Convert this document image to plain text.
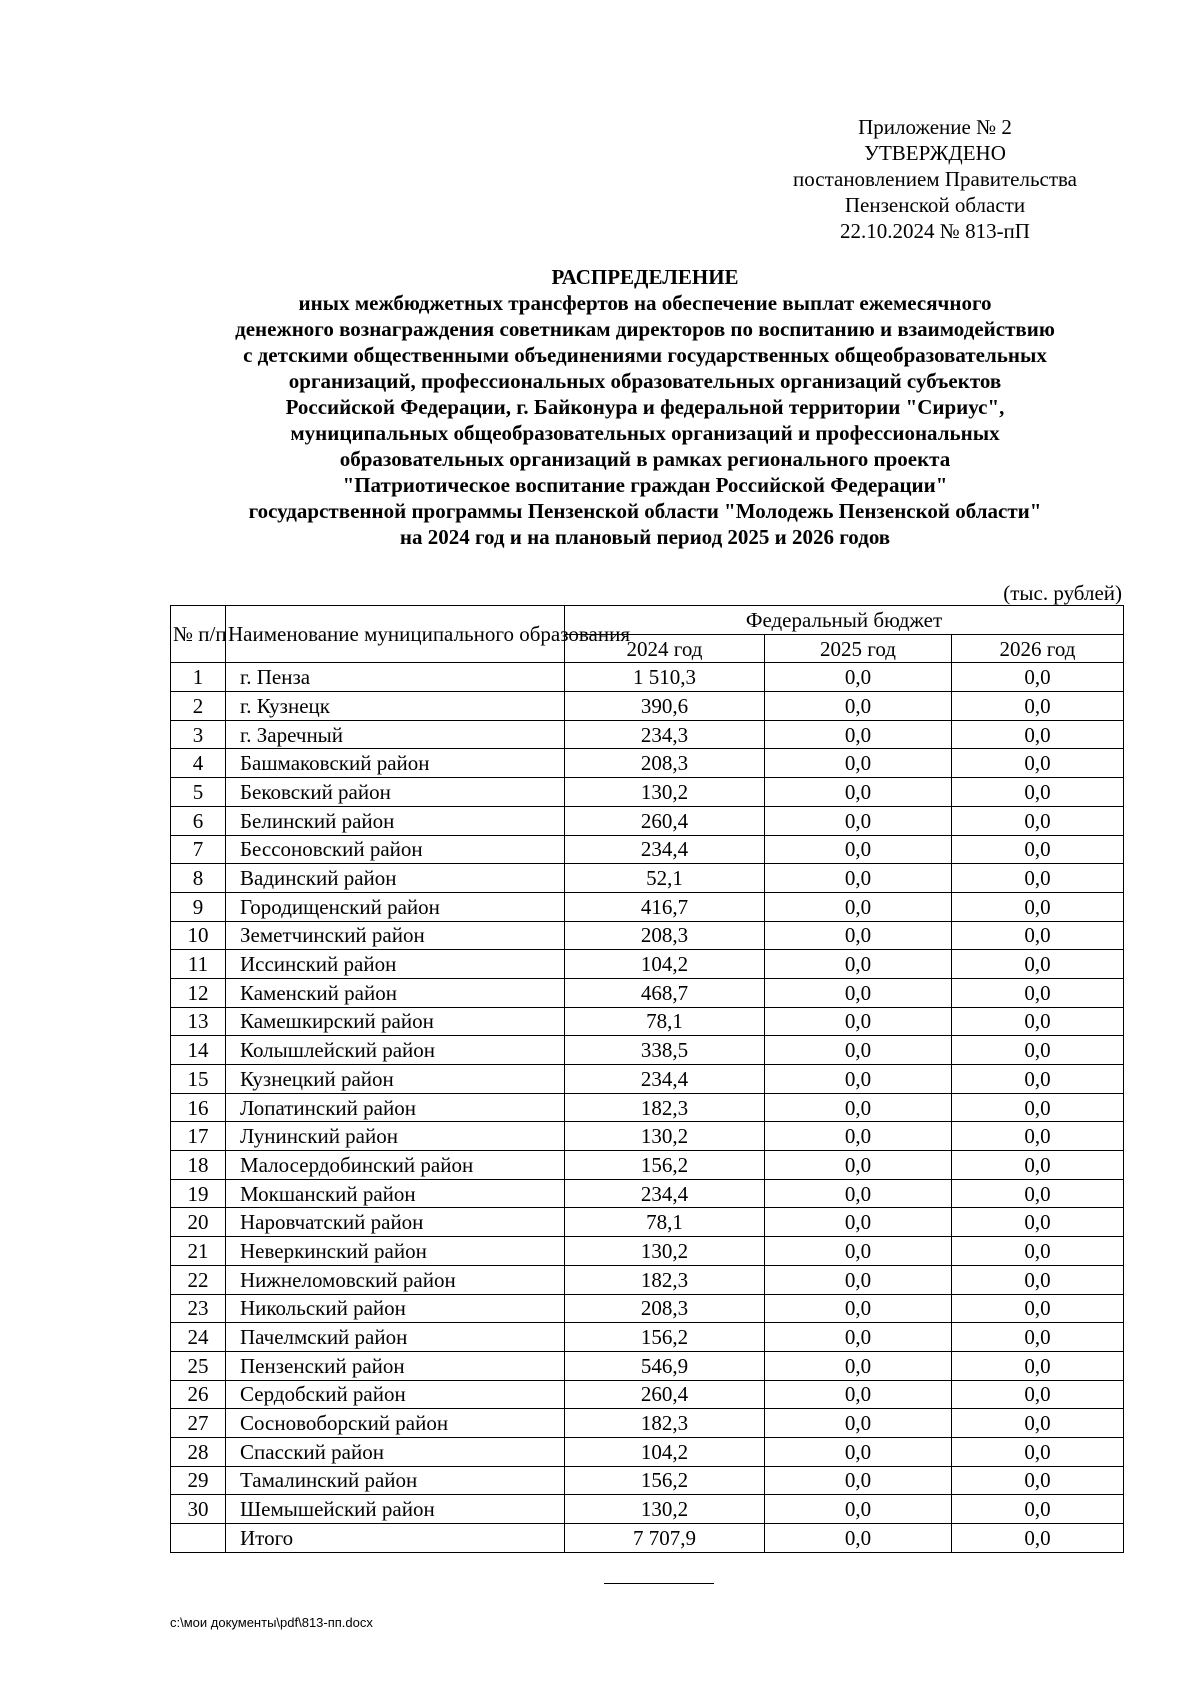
Приложение № 2
УТВЕРЖДЕНО
постановлением Правительства
Пензенской области
22.10.2024 № 813-пП
РАСПРЕДЕЛЕНИЕ
иных межбюджетных трансфертов на обеспечение выплат ежемесячного
денежного вознаграждения советникам директоров по воспитанию и взаимодействию
с детскими общественными объединениями государственных общеобразовательных
организаций, профессиональных образовательных организаций субъектов
Российской Федерации, г. Байконура и федеральной территории "Сириус",
муниципальных общеобразовательных организаций и профессиональных
образовательных организаций в рамках регионального проекта
"Патриотическое воспитание граждан Российской Федерации"
государственной программы Пензенской области "Молодежь Пензенской области"
на 2024 год и на плановый период 2025 и 2026 годов
(тыс. рублей)
№ п/п	Наименование муниципального образования	Федеральный бюджет		
		2024 год	2025 год	2026 год
1	г. Пенза	1 510,3	0,0	0,0
2	г. Кузнецк	390,6	0,0	0,0
3	г. Заречный	234,3	0,0	0,0
4	Башмаковский район	208,3	0,0	0,0
5	Бековский район	130,2	0,0	0,0
6	Белинский район	260,4	0,0	0,0
7	Бессоновский район	234,4	0,0	0,0
8	Вадинский район	52,1	0,0	0,0
9	Городищенский район	416,7	0,0	0,0
10	Земетчинский район	208,3	0,0	0,0
11	Иссинский район	104,2	0,0	0,0
12	Каменский район	468,7	0,0	0,0
13	Камешкирский район	78,1	0,0	0,0
14	Колышлейский район	338,5	0,0	0,0
15	Кузнецкий район	234,4	0,0	0,0
16	Лопатинский район	182,3	0,0	0,0
17	Лунинский район	130,2	0,0	0,0
18	Малосердобинский район	156,2	0,0	0,0
19	Мокшанский район	234,4	0,0	0,0
20	Наровчатский район	78,1	0,0	0,0
21	Неверкинский район	130,2	0,0	0,0
22	Нижнеломовский район	182,3	0,0	0,0
23	Никольский район	208,3	0,0	0,0
24	Пачелмский район	156,2	0,0	0,0
25	Пензенский район	546,9	0,0	0,0
26	Сердобский район	260,4	0,0	0,0
27	Сосновоборский район	182,3	0,0	0,0
28	Спасский район	104,2	0,0	0,0
29	Тамалинский район	156,2	0,0	0,0
30	Шемышейский район	130,2	0,0	0,0
	Итого	7 707,9	0,0	0,0
c:\мои документы\pdf\813-пп.docx
